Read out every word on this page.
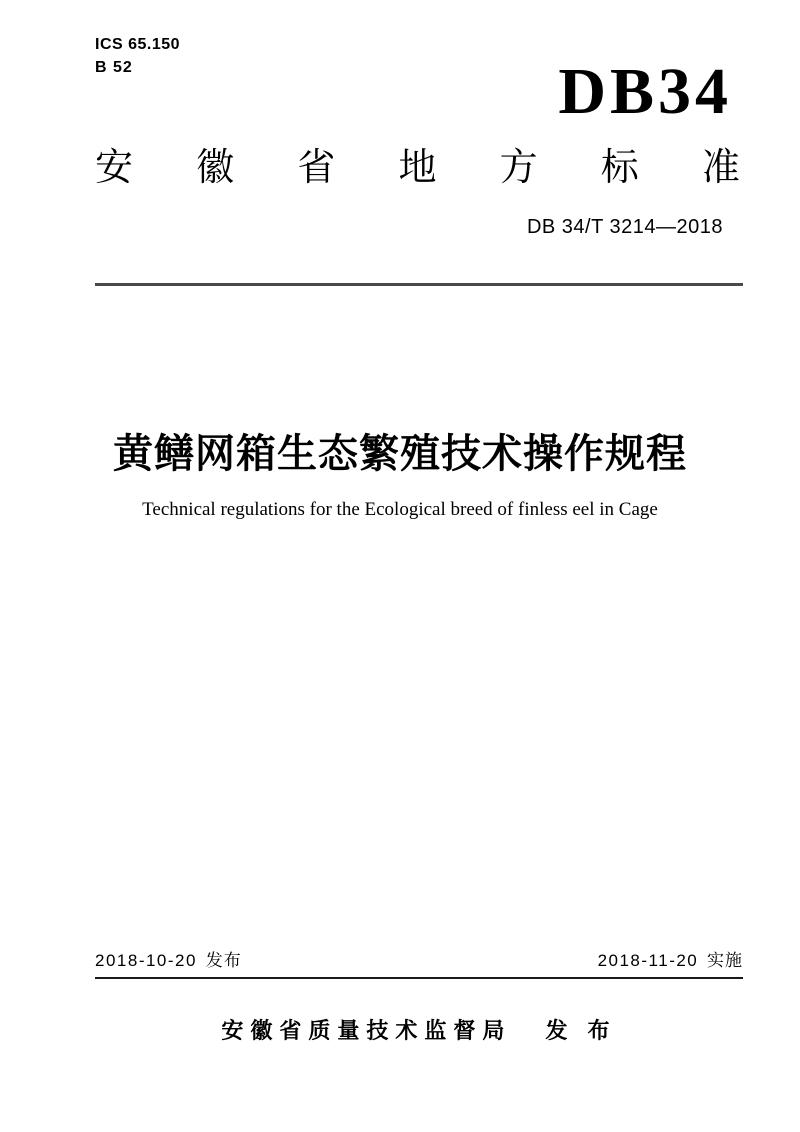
ICS 65.150
B 52	DB34
安 徽 省 地 方 标 准
DB 34/T 3214—2018
黄鳝网箱生态繁殖技术操作规程
Technical regulations for the Ecological breed of finless eel in Cage
2018-10-20 发布	2018-11-20 实施
安徽省质量技术监督局 发 布
